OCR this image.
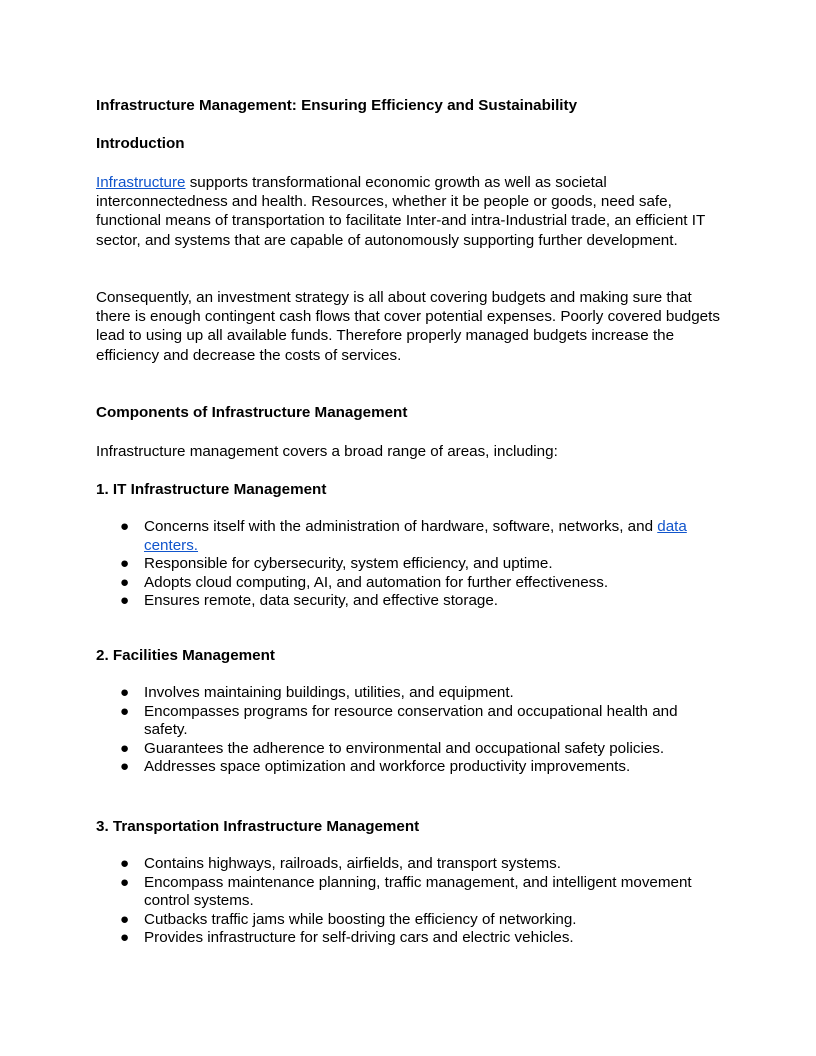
Infrastructure Management: Ensuring Efficiency and Sustainability

Introduction

Infrastructure supports transformational economic growth as well as societal interconnectedness and health. Resources, whether it be people or goods, need safe, functional means of transportation to facilitate Inter-and intra-Industrial trade, an efficient IT sector, and systems that are capable of autonomously supporting further development.

Consequently, an investment strategy is all about covering budgets and making sure that there is enough contingent cash flows that cover potential expenses. Poorly covered budgets lead to using up all available funds. Therefore properly managed budgets increase the efficiency and decrease the costs of services.

Components of Infrastructure Management

Infrastructure management covers a broad range of areas, including:

1. IT Infrastructure Management

● Concerns itself with the administration of hardware, software, networks, and data centers.
● Responsible for cybersecurity, system efficiency, and uptime.
● Adopts cloud computing, AI, and automation for further effectiveness.
● Ensures remote, data security, and effective storage.

2. Facilities Management

● Involves maintaining buildings, utilities, and equipment.
● Encompasses programs for resource conservation and occupational health and safety.
● Guarantees the adherence to environmental and occupational safety policies.
● Addresses space optimization and workforce productivity improvements.

3. Transportation Infrastructure Management

● Contains highways, railroads, airfields, and transport systems.
● Encompass maintenance planning, traffic management, and intelligent movement control systems.
● Cutbacks traffic jams while boosting the efficiency of networking.
● Provides infrastructure for self-driving cars and electric vehicles.
